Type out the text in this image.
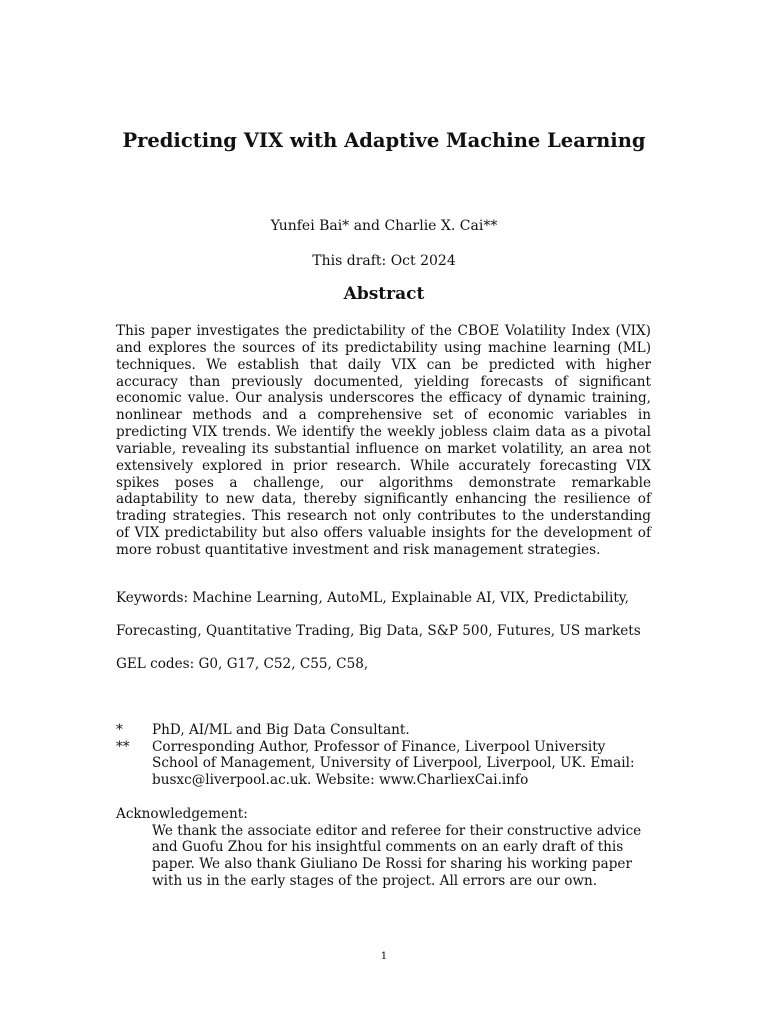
Predicting VIX with Adaptive Machine Learning

Yunfei Bai* and Charlie X. Cai**

This draft: Oct 2024

Abstract

This paper investigates the predictability of the CBOE Volatility Index (VIX) and explores the sources of its predictability using machine learning (ML) techniques. We establish that daily VIX can be predicted with higher accuracy than previously documented, yielding forecasts of significant economic value. Our analysis underscores the efficacy of dynamic training, nonlinear methods and a comprehensive set of economic variables in predicting VIX trends. We identify the weekly jobless claim data as a pivotal variable, revealing its substantial influence on market volatility, an area not extensively explored in prior research. While accurately forecasting VIX spikes poses a challenge, our algorithms demonstrate remarkable adaptability to new data, thereby significantly enhancing the resilience of trading strategies. This research not only contributes to the understanding of VIX predictability but also offers valuable insights for the development of more robust quantitative investment and risk management strategies.

Keywords: Machine Learning, AutoML, Explainable AI, VIX, Predictability,

Forecasting, Quantitative Trading, Big Data, S&P 500, Futures, US markets

GEL codes: G0, G17, C52, C55, C58,

*	PhD, AI/ML and Big Data Consultant.
**	Corresponding Author, Professor of Finance, Liverpool University School of Management, University of Liverpool, Liverpool, UK. Email: busxc@liverpool.ac.uk. Website: www.CharliexCai.info

Acknowledgement:

We thank the associate editor and referee for their constructive advice and Guofu Zhou for his insightful comments on an early draft of this paper. We also thank Giuliano De Rossi for sharing his working paper with us in the early stages of the project. All errors are our own.

1
